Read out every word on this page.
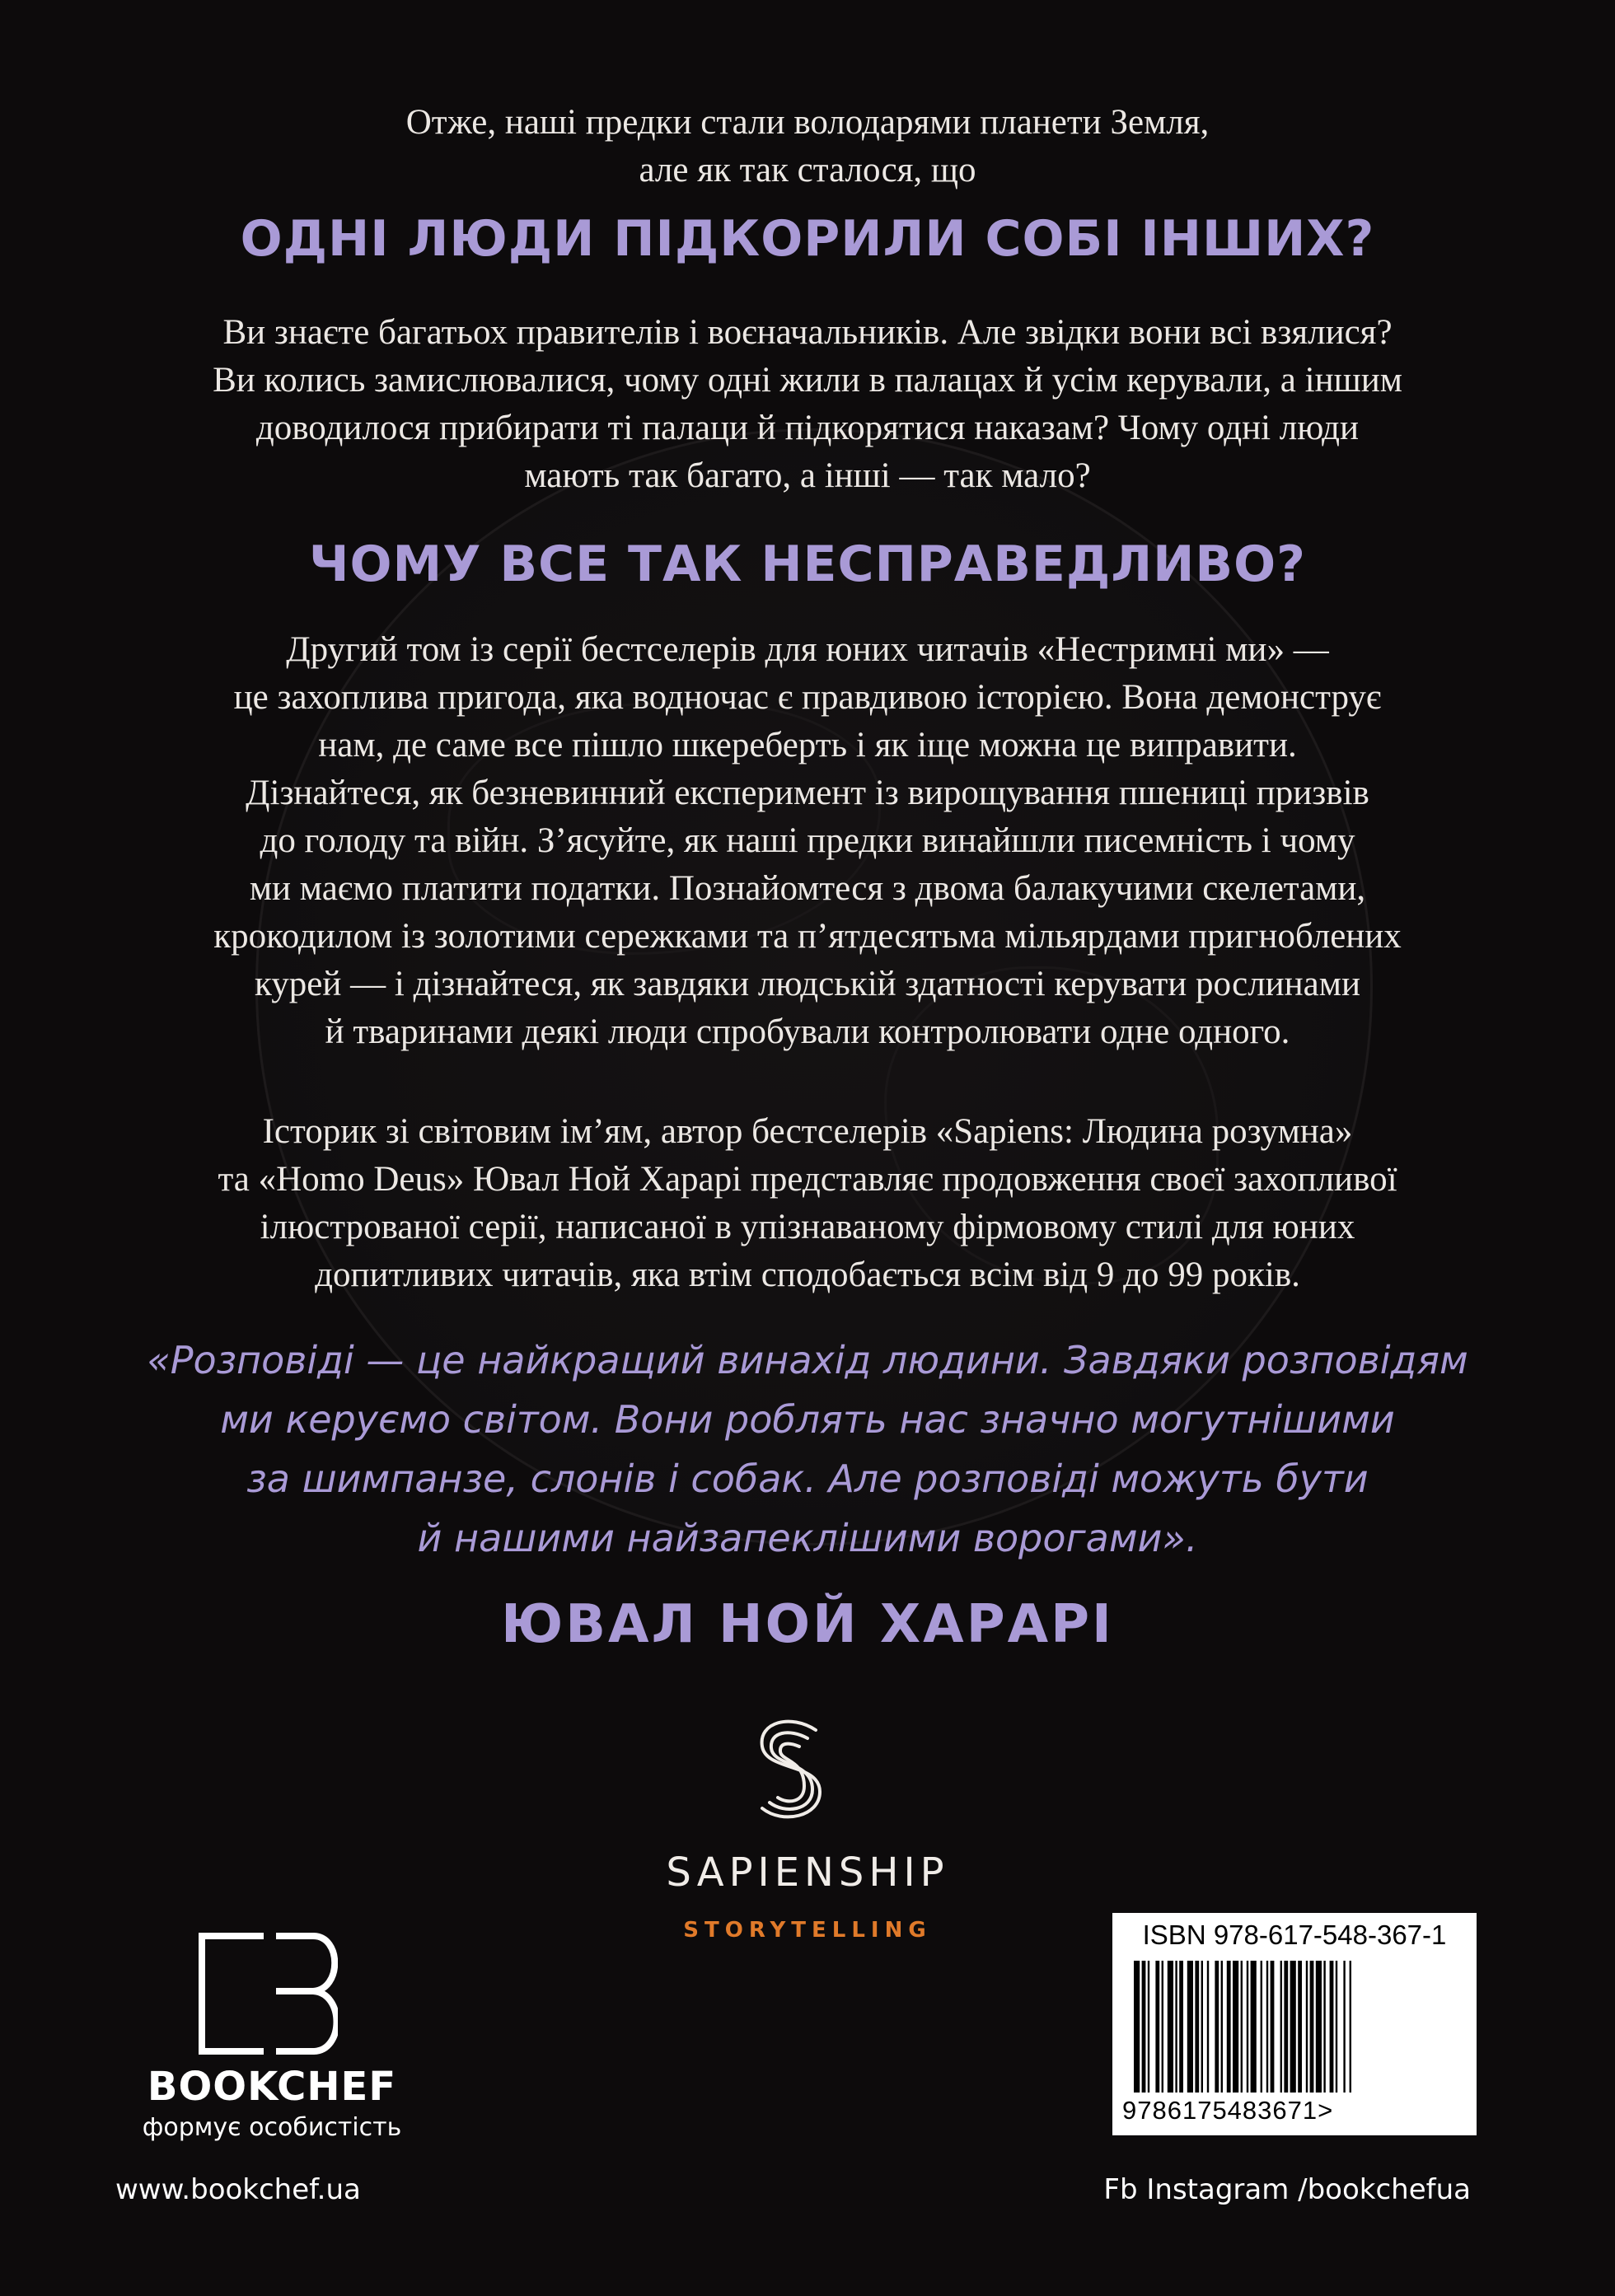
Отже, наші предки стали володарями планети Земля,
але як так сталося, що

ОДНІ ЛЮДИ ПІДКОРИЛИ СОБІ ІНШИХ?

Ви знаєте багатьох правителів і воєначальників. Але звідки вони всі взялися?
Ви колись замислювалися, чому одні жили в палацах й усім керували, а іншим
доводилося прибирати ті палаци й підкорятися наказам? Чому одні люди
мають так багато, а інші — так мало?

ЧОМУ ВСЕ ТАК НЕСПРАВЕДЛИВО?

Другий том із серії бестселерів для юних читачів «Нестримні ми» —
це захоплива пригода, яка водночас є правдивою історією. Вона демонструє
нам, де саме все пішло шкереберть і як іще можна це виправити.
Дізнайтеся, як безневинний експеримент із вирощування пшениці призвів
до голоду та війн. З’ясуйте, як наші предки винайшли писемність і чому
ми маємо платити податки. Познайомтеся з двома балакучими скелетами,
крокодилом із золотими сережками та п’ятдесятьма мільярдами пригноблених
курей — і дізнайтеся, як завдяки людській здатності керувати рослинами
й тваринами деякі люди спробували контролювати одне одного.

Історик зі світовим ім’ям, автор бестселерів «Sapiens: Людина розумна»
та «Homo Deus» Ювал Ной Харарі представляє продовження своєї захопливої
ілюстрованої серії, написаної в упізнаваному фірмовому стилі для юних
допитливих читачів, яка втім сподобається всім від 9 до 99 років.

«Розповіді — це найкращий винахід людини. Завдяки розповідям
ми керуємо світом. Вони роблять нас значно могутнішими
за шимпанзе, слонів і собак. Але розповіді можуть бути
й нашими найзапеклішими ворогами».

ЮВАЛ НОЙ ХАРАРІ

SAPIENSHIP
STORYTELLING
BOOKCHEF
формує особистість
www.bookchef.ua	Fb Instagram /bookchefua
ISBN 978-617-548-367-1
9786175483671>
